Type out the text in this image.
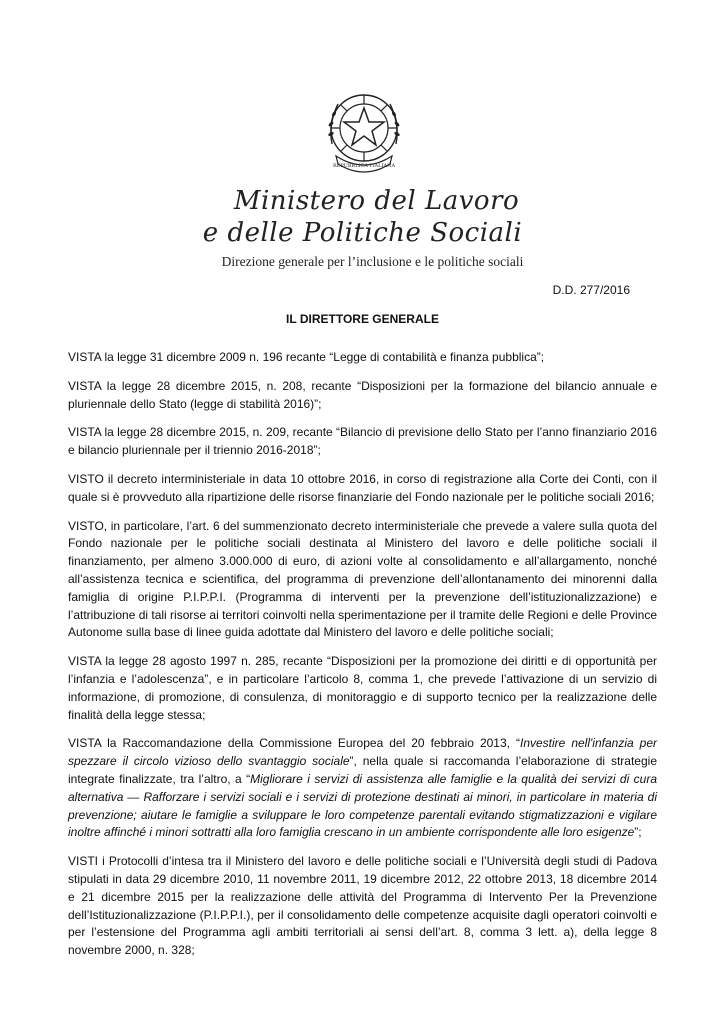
REPUBBLICA ITALIANA
Ministero del Lavoro
e delle Politiche Sociali
Direzione generale per l’inclusione e le politiche sociali
D.D. 277/2016
IL DIRETTORE GENERALE

VISTA la legge 31 dicembre 2009 n. 196 recante “Legge di contabilità e finanza pubblica”;

VISTA la legge 28 dicembre 2015, n. 208, recante “Disposizioni per la formazione del bilancio annuale e pluriennale dello Stato (legge di stabilità 2016)”;

VISTA la legge 28 dicembre 2015, n. 209, recante “Bilancio di previsione dello Stato per l’anno finanziario 2016 e bilancio pluriennale per il triennio 2016-2018”;

VISTO il decreto interministeriale in data 10 ottobre 2016, in corso di registrazione alla Corte dei Conti, con il quale si è provveduto alla ripartizione delle risorse finanziarie del Fondo nazionale per le politiche sociali 2016;

VISTO, in particolare, l’art. 6 del summenzionato decreto interministeriale che prevede a valere sulla quota del Fondo nazionale per le politiche sociali destinata al Ministero del lavoro e delle politiche sociali il finanziamento, per almeno 3.000.000 di euro, di azioni volte al consolidamento e all’allargamento, nonché all’assistenza tecnica e scientifica, del programma di prevenzione dell’allontanamento dei minorenni dalla famiglia di origine P.I.P.P.I. (Programma di interventi per la prevenzione dell’istituzionalizzazione) e l’attribuzione di tali risorse ai territori coinvolti nella sperimentazione per il tramite delle Regioni e delle Province Autonome sulla base di linee guida adottate dal Ministero del lavoro e delle politiche sociali;

VISTA la legge 28 agosto 1997 n. 285, recante “Disposizioni per la promozione dei diritti e di opportunità per l’infanzia e l’adolescenza”, e in particolare l’articolo 8, comma 1, che prevede l’attivazione di un servizio di informazione, di promozione, di consulenza, di monitoraggio e di supporto tecnico per la realizzazione delle finalità della legge stessa;

VISTA la Raccomandazione della Commissione Europea del 20 febbraio 2013, “Investire nell'infanzia per spezzare il circolo vizioso dello svantaggio sociale”, nella quale si raccomanda l’elaborazione di strategie integrate finalizzate, tra l’altro, a “Migliorare i servizi di assistenza alle famiglie e la qualità dei servizi di cura alternativa — Rafforzare i servizi sociali e i servizi di protezione destinati ai minori, in particolare in materia di prevenzione; aiutare le famiglie a sviluppare le loro competenze parentali evitando stigmatizzazioni e vigilare inoltre affinché i minori sottratti alla loro famiglia crescano in un ambiente corrispondente alle loro esigenze”;

VISTI i Protocolli d’intesa tra il Ministero del lavoro e delle politiche sociali e l’Università degli studi di Padova stipulati in data 29 dicembre 2010, 11 novembre 2011, 19 dicembre 2012, 22 ottobre 2013, 18 dicembre 2014 e 21 dicembre 2015 per la realizzazione delle attività del Programma di Intervento Per la Prevenzione dell’Istituzionalizzazione (P.I.P.P.I.), per il consolidamento delle competenze acquisite dagli operatori coinvolti e per l’estensione del Programma agli ambiti territoriali ai sensi dell’art. 8, comma 3 lett. a), della legge 8 novembre 2000, n. 328;
